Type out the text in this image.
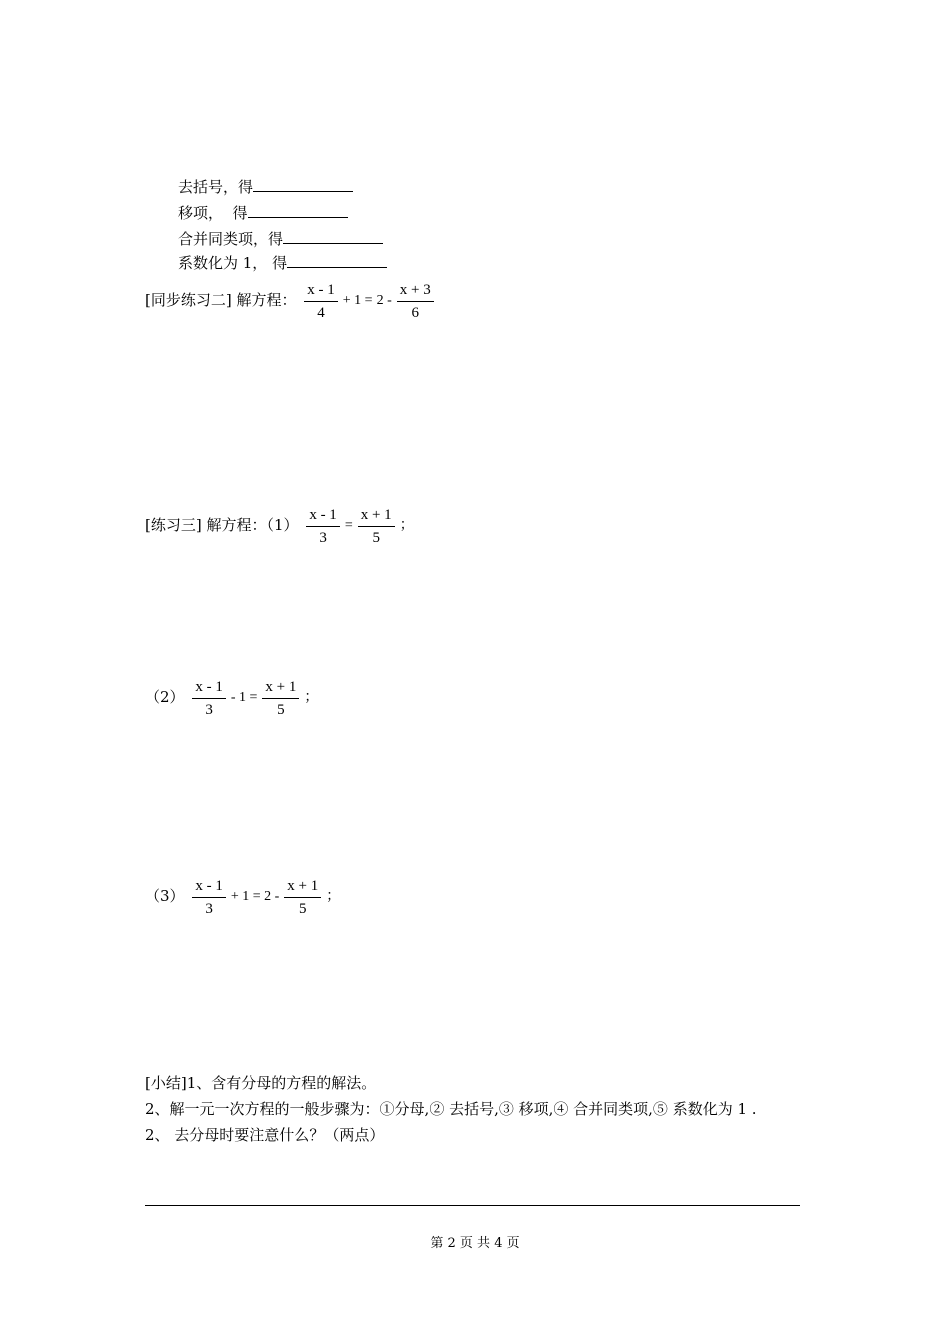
去括号，得
移项，  得
合并同类项，得
系数化为 1， 得
[同步练习二] 解方程： $\frac{x - 1}{4} + 1 = 2 - \frac{x + 3}{6}$
[练习三] 解方程：$(1) \frac{x - 1}{3} = \frac{x + 1}{5}$ ；
$(2) \frac{x - 1}{3} - 1 = \frac{x + 1}{5}$ ；
$(3) \frac{x - 1}{3} + 1 = 2 - \frac{x + 1}{5}$ ；
[小结]1、含有分母的方程的解法。
2、解一元一次方程的一般步骤为：①分母,② 去括号,③ 移项,④ 合并同类项,⑤ 系数化为 1 .
2、 去分母时要注意什么？（两点）
第 2 页 共 4 页
